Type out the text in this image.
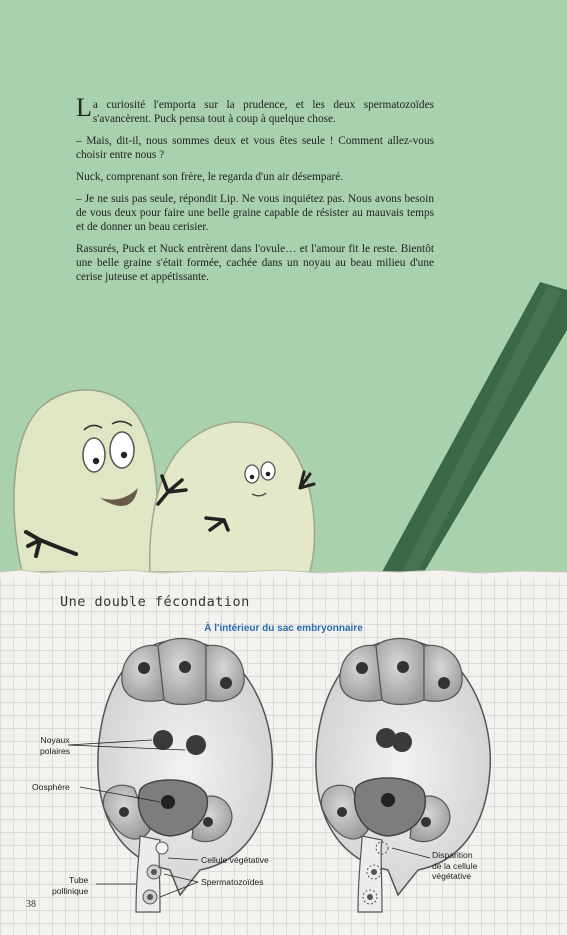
La curiosité l'emporta sur la prudence, et les deux spermatozoïdes s'avancèrent. Puck pensa tout à coup à quelque chose.

– Mais, dit-il, nous sommes deux et vous êtes seule ! Comment allez-vous choisir entre nous ?

Nuck, comprenant son frère, le regarda d'un air désemparé.

– Je ne suis pas seule, répondit Lip. Ne vous inquiétez pas. Nous avons besoin de vous deux pour faire une belle graine capable de résister au mauvais temps et de donner un beau cerisier.

Rassurés, Puck et Nuck entrèrent dans l'ovule… et l'amour fit le reste. Bientôt une belle graine s'était formée, cachée dans un noyau au beau milieu d'une cerise juteuse et appétissante.

Une double fécondation
À l'intérieur du sac embryonnaire
Noyaux
polaires
Oosphère
Cellule végétative
Tube
pollinique
Spermatozoïdes
Disparition
de la cellule
végétative
38
